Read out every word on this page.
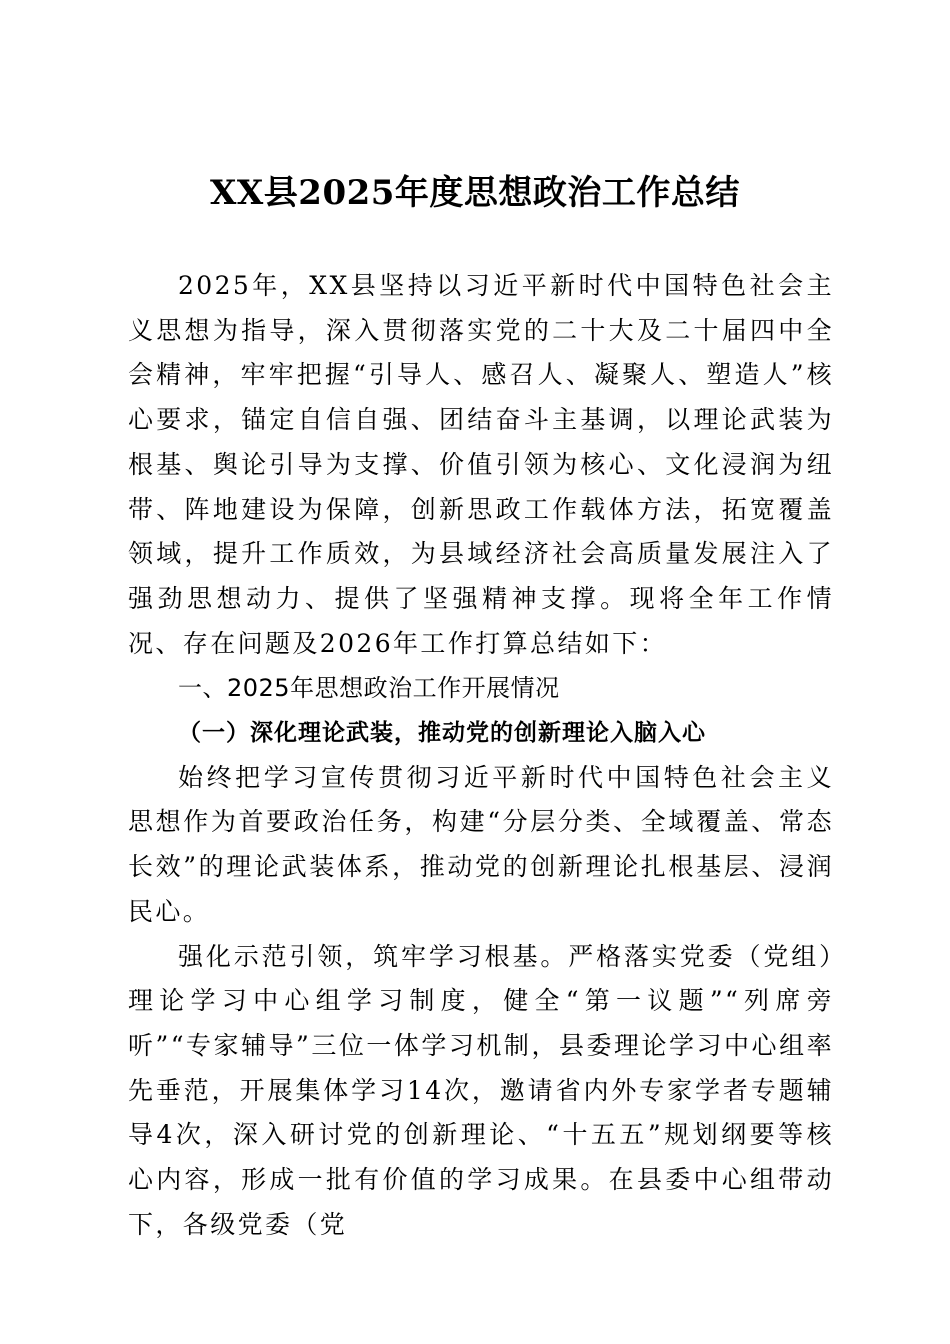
XX县2025年度思想政治工作总结

2025年，XX县坚持以习近平新时代中国特色社会主义思想为指导，深入贯彻落实党的二十大及二十届四中全会精神，牢牢把握“引导人、感召人、凝聚人、塑造人”核心要求，锚定自信自强、团结奋斗主基调，以理论武装为根基、舆论引导为支撑、价值引领为核心、文化浸润为纽带、阵地建设为保障，创新思政工作载体方法，拓宽覆盖领域，提升工作质效，为县域经济社会高质量发展注入了强劲思想动力、提供了坚强精神支撑。现将全年工作情况、存在问题及2026年工作打算总结如下：

一、2025年思想政治工作开展情况

（一）深化理论武装，推动党的创新理论入脑入心

始终把学习宣传贯彻习近平新时代中国特色社会主义思想作为首要政治任务，构建“分层分类、全域覆盖、常态长效”的理论武装体系，推动党的创新理论扎根基层、浸润民心。

强化示范引领，筑牢学习根基。严格落实党委（党组）理论学习中心组学习制度，健全“第一议题”“列席旁听”“专家辅导”三位一体学习机制，县委理论学习中心组率先垂范，开展集体学习14次，邀请省内外专家学者专题辅导4次，深入研讨党的创新理论、“十五五”规划纲要等核心内容，形成一批有价值的学习成果。在县委中心组带动下，各级党委（党
